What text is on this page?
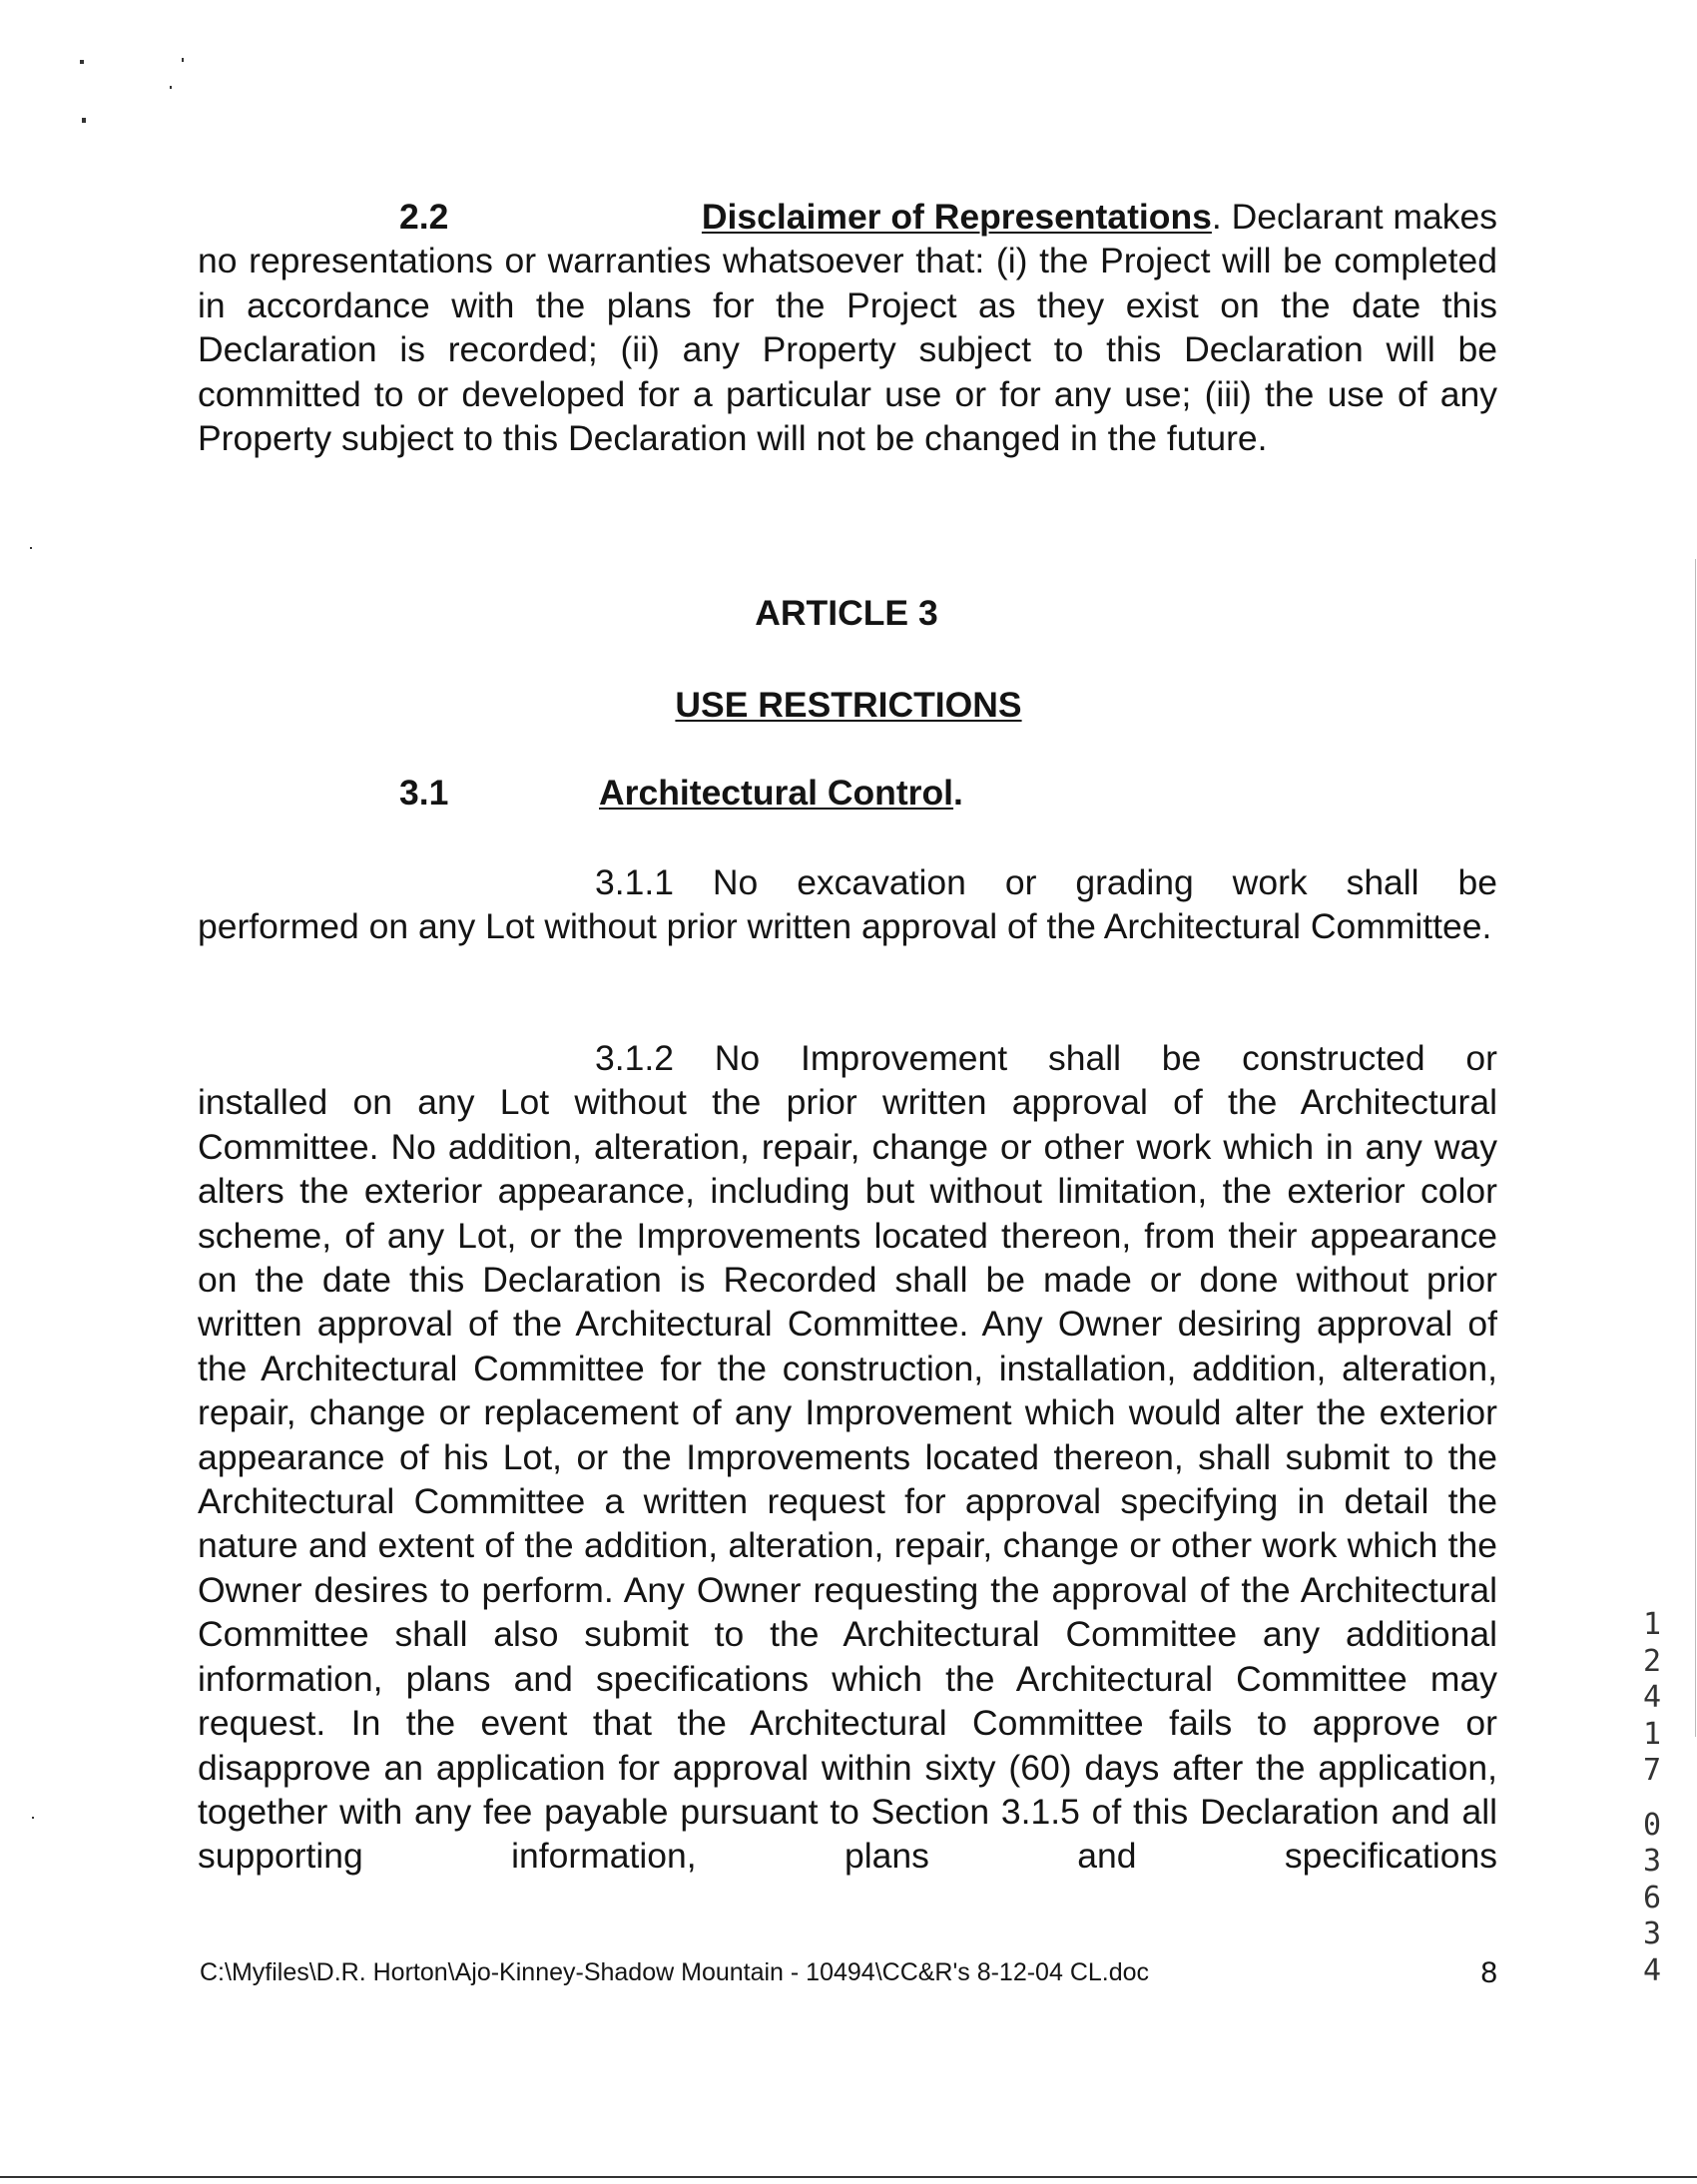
2.2	Disclaimer of Representations. Declarant makes
no representations or warranties whatsoever that: (i) the Project will be completed in accordance with the plans for the Project as they exist on the date this Declaration is recorded; (ii) any Property subject to this Declaration will be committed to or developed for a particular use or for any use; (iii) the use of any Property subject to this Declaration will not be changed in the future.
ARTICLE 3
USE RESTRICTIONS
3.1	Architectural Control.
3.1.1 No excavation or grading work shall be
performed on any Lot without prior written approval of the Architectural Committee.
3.1.2 No Improvement shall be constructed or
installed on any Lot without the prior written approval of the Architectural Committee. No addition, alteration, repair, change or other work which in any way alters the exterior appearance, including but without limitation, the exterior color scheme, of any Lot, or the Improvements located thereon, from their appearance on the date this Declaration is Recorded shall be made or done without prior written approval of the Architectural Committee. Any Owner desiring approval of the Architectural Committee for the construction, installation, addition, alteration, repair, change or replacement of any Improvement which would alter the exterior appearance of his Lot, or the Improvements located thereon, shall submit to the Architectural Committee a written request for approval specifying in detail the nature and extent of the addition, alteration, repair, change or other work which the Owner desires to perform. Any Owner requesting the approval of the Architectural Committee shall also submit to the Architectural Committee any additional information, plans and specifications which the Architectural Committee may request. In the event that the Architectural Committee fails to approve or disapprove an application for approval within sixty (60) days after the application, together with any fee payable pursuant to Section 3.1.5 of this Declaration and all supporting information, plans and specifications
C:\Myfiles\D.R. Horton\Ajo-Kinney-Shadow Mountain - 10494\CC&R's 8-12-04 CL.doc	8
1
2
4
1
7
0
3
6
3
4
